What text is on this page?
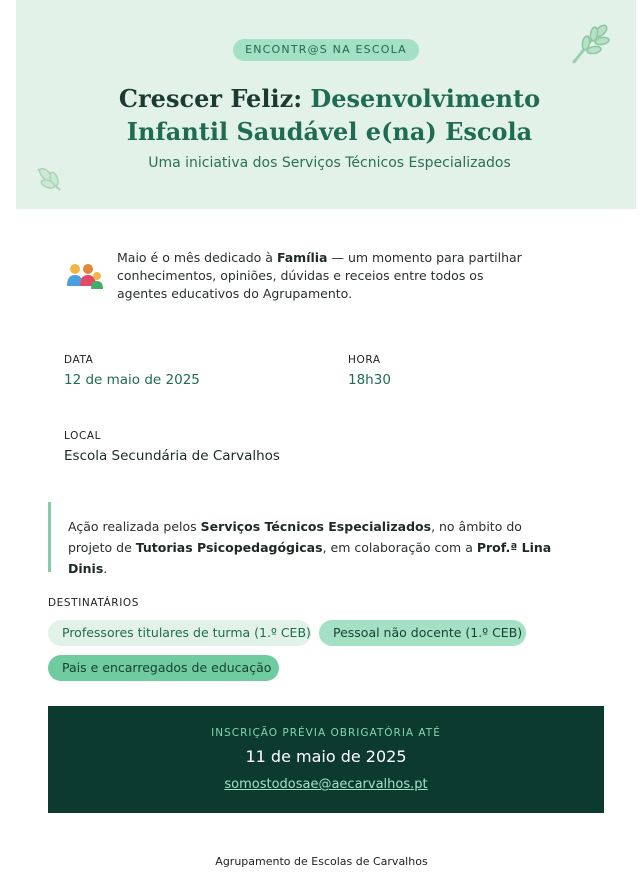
ENCONTR@S NA ESCOLA
Crescer Feliz: Desenvolvimento
Infantil Saudável e(na) Escola
Uma iniciativa dos Serviços Técnicos Especializados
Maio é o mês dedicado à Família — um momento para partilhar conhecimentos, opiniões, dúvidas e receios entre todos os agentes educativos do Agrupamento.
DATA
12 de maio de 2025
HORA
18h30
LOCAL
Escola Secundária de Carvalhos

Ação realizada pelos Serviços Técnicos Especializados, no âmbito do projeto de Tutorias Psicopedagógicas, em colaboração com a Prof.ª Lina Dinis.

DESTINATÁRIOS
Professores titulares de turma (1.º CEB)	Pessoal não docente (1.º CEB)
Pais e encarregados de educação
INSCRIÇÃO PRÉVIA OBRIGATÓRIA ATÉ
11 de maio de 2025
somostodosae@aecarvalhos.pt
Agrupamento de Escolas de Carvalhos
